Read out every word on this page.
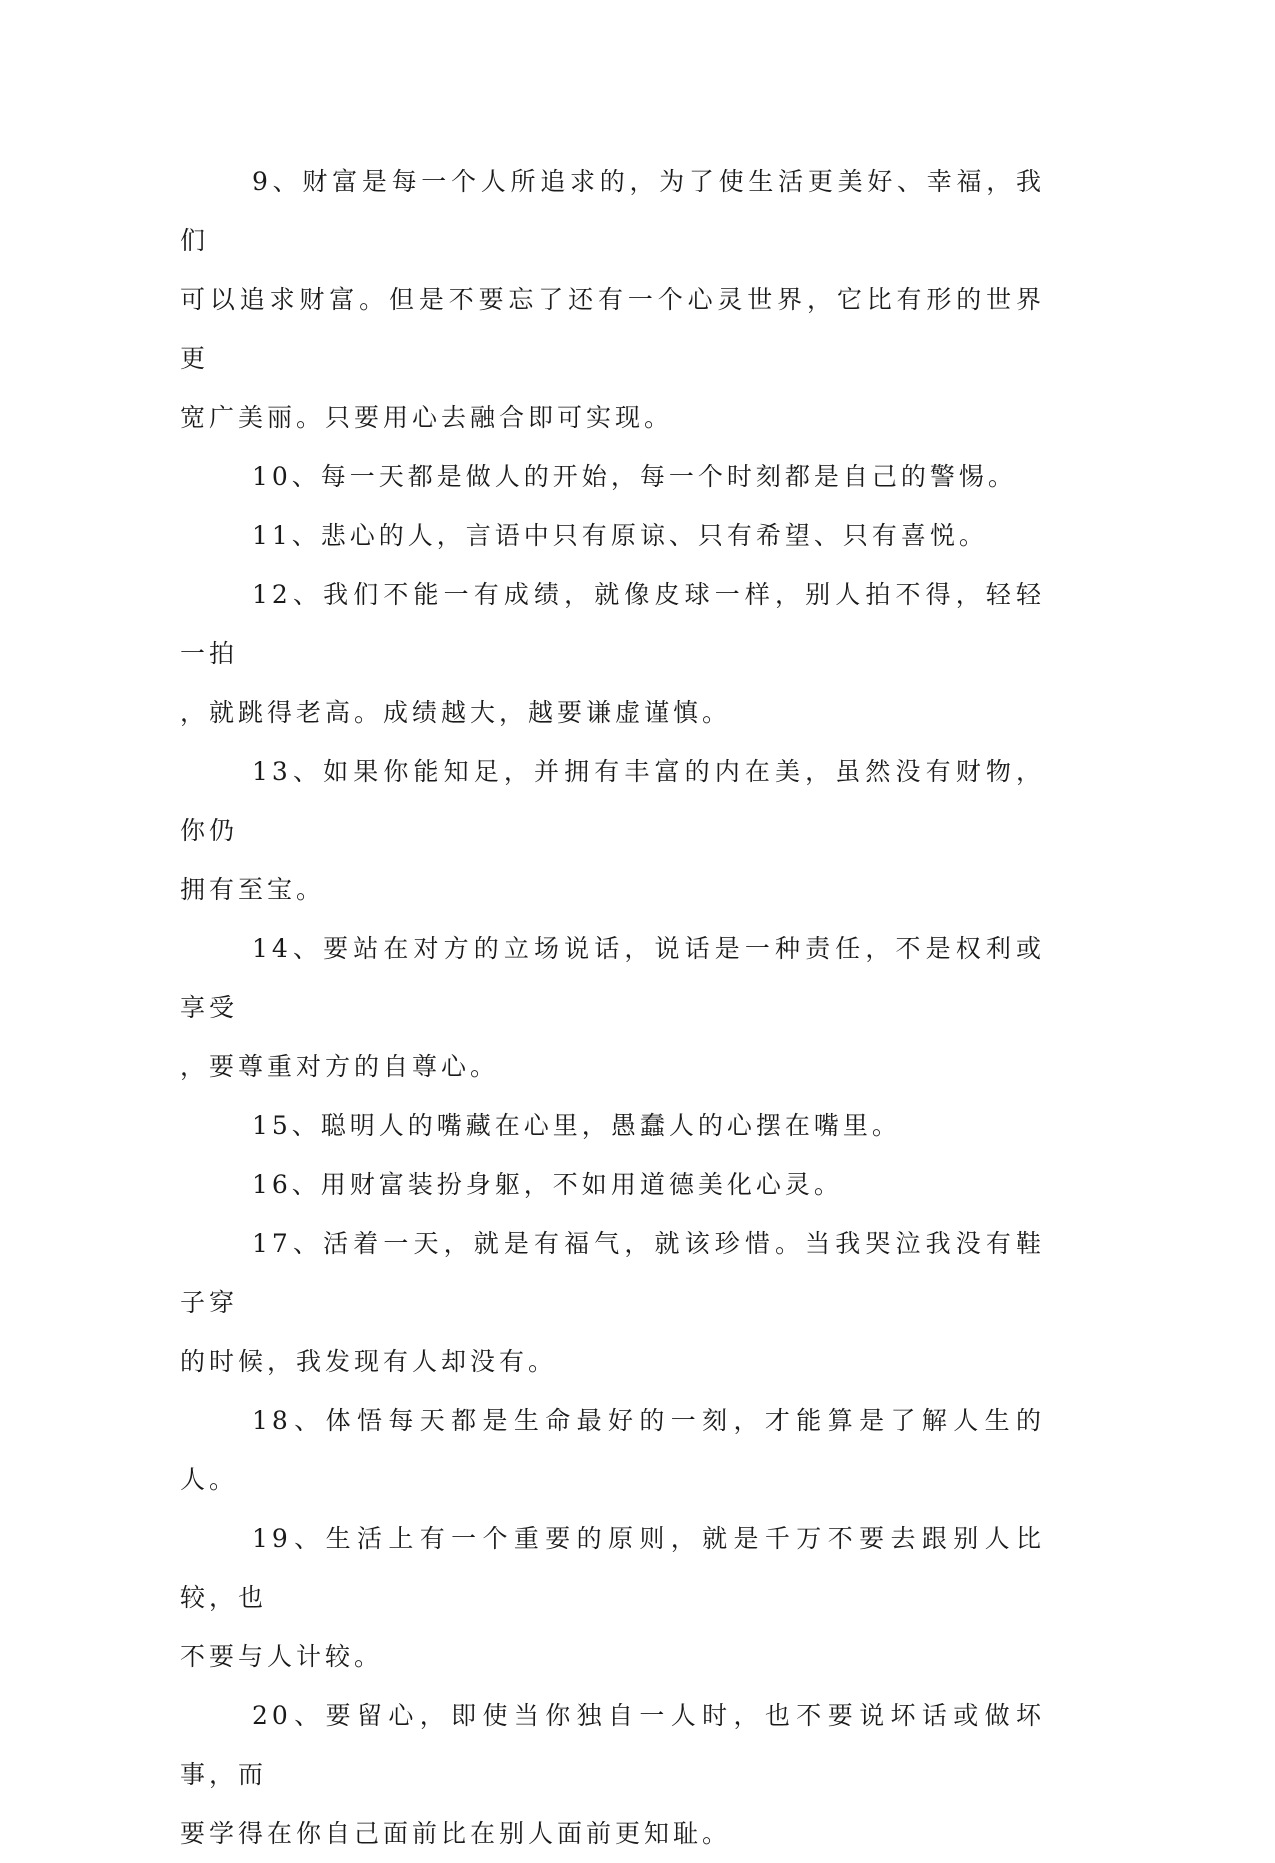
9、财富是每一个人所追求的，为了使生活更美好、幸福，我们
可以追求财富。但是不要忘了还有一个心灵世界，它比有形的世界更
宽广美丽。只要用心去融合即可实现。

10、每一天都是做人的开始，每一个时刻都是自己的警惕。

11、悲心的人，言语中只有原谅、只有希望、只有喜悦。

12、我们不能一有成绩，就像皮球一样，别人拍不得，轻轻一拍
，就跳得老高。成绩越大，越要谦虚谨慎。

13、如果你能知足，并拥有丰富的内在美，虽然没有财物，你仍
拥有至宝。

14、要站在对方的立场说话，说话是一种责任，不是权利或享受
，要尊重对方的自尊心。

15、聪明人的嘴藏在心里，愚蠢人的心摆在嘴里。

16、用财富装扮身躯，不如用道德美化心灵。

17、活着一天，就是有福气，就该珍惜。当我哭泣我没有鞋子穿
的时候，我发现有人却没有。

18、体悟每天都是生命最好的一刻，才能算是了解人生的人。

19、生活上有一个重要的原则，就是千万不要去跟别人比较，也
不要与人计较。

20、要留心，即使当你独自一人时，也不要说坏话或做坏事，而
要学得在你自己面前比在别人面前更知耻。
